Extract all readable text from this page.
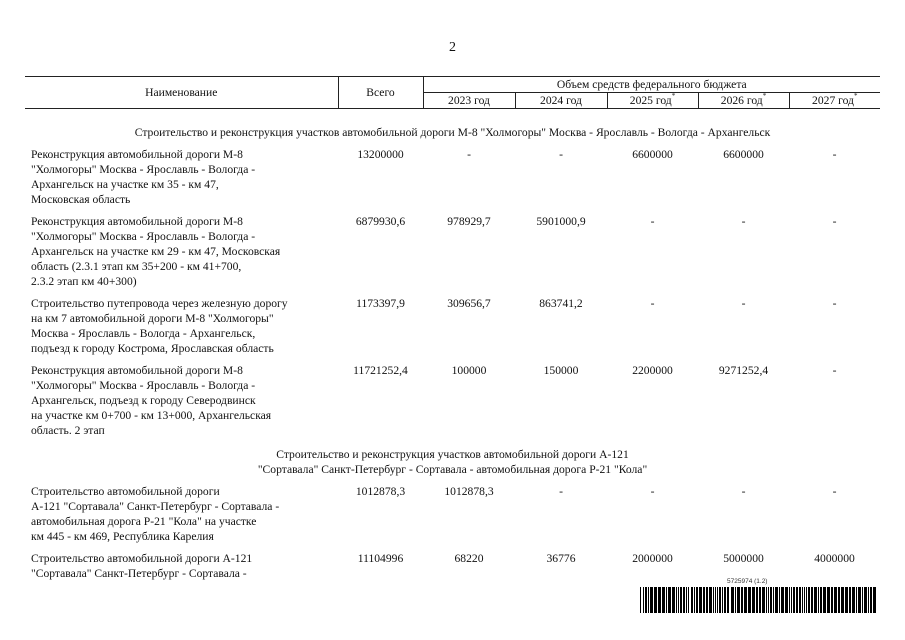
2
Наименование	Всего	Объем средств федерального бюджета				
		2023 год	2024 год	2025 год*	2026 год*	2027 год*

Строительство и реконструкция участков автомобильной дороги М-8 "Холмогоры" Москва - Ярославль - Вологда - Архангельск						

Реконструкция автомобильной дороги М-8
"Холмогоры" Москва - Ярославль - Вологда -
Архангельск на участке км 35 - км 47,
Московская область	13200000	-	-	6600000	6600000	-

Реконструкция автомобильной дороги М-8
"Холмогоры" Москва - Ярославль - Вологда -
Архангельск на участке км 29 - км 47, Московская
область (2.3.1 этап км 35+200 - км 41+700,
2.3.2 этап км 40+300)	6879930,6	978929,7	5901000,9	-	-	-

Строительство путепровода через железную дорогу
на км 7 автомобильной дороги М-8 "Холмогоры"
Москва - Ярославль - Вологда - Архангельск,
подъезд к городу Кострома, Ярославская область	1173397,9	309656,7	863741,2	-	-	-

Реконструкция автомобильной дороги М-8
"Холмогоры" Москва - Ярославль - Вологда -
Архангельск, подъезд к городу Северодвинск
на участке км 0+700 - км 13+000, Архангельская
область. 2 этап	11721252,4	100000	150000	2200000	9271252,4	-

Строительство и реконструкция участков автомобильной дороги А-121
"Сортавала" Санкт-Петербург - Сортавала - автомобильная дорога Р-21 "Кола"						

Строительство автомобильной дороги
А-121 "Сортавала" Санкт-Петербург - Сортавала -
автомобильная дорога Р-21 "Кола" на участке
км 445 - км 469, Республика Карелия	1012878,3	1012878,3	-	-	-	-

Строительство автомобильной дороги А-121
"Сортавала" Санкт-Петербург - Сортавала -	11104996	68220	36776	2000000	5000000	4000000
5725974 (1.2)
